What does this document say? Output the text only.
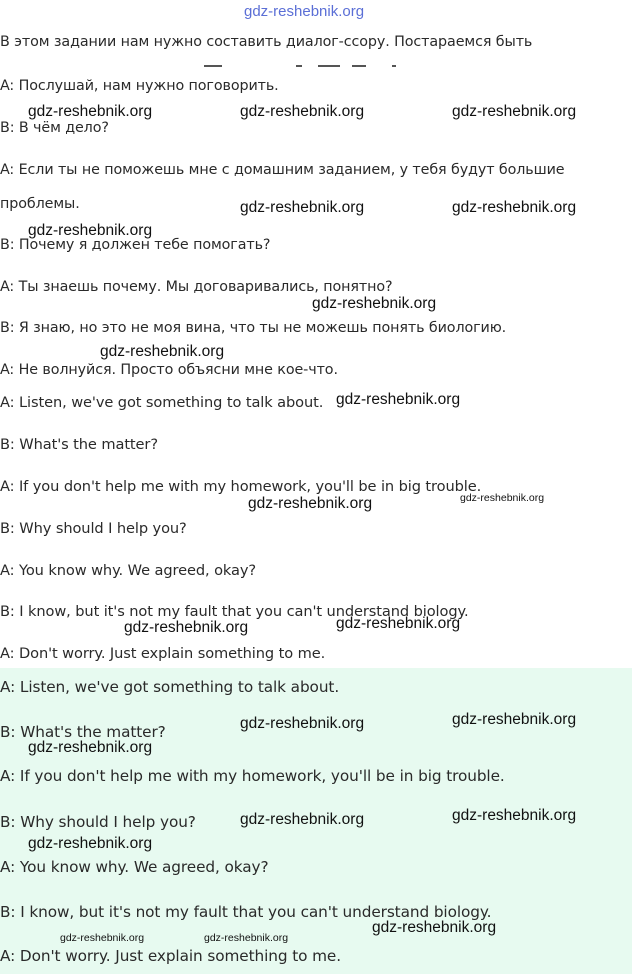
gdz-reshebnik.org
В этом задании нам нужно составить диалог-ссору. Постараемся быть
A: Послушай, нам нужно поговорить.
B: В чём дело?
A: Если ты не поможешь мне с домашним заданием, у тебя будут большие
проблемы.
B: Почему я должен тебе помогать?
A: Ты знаешь почему. Мы договаривались, понятно?
B: Я знаю, но это не моя вина, что ты не можешь понять биологию.
A: Не волнуйся. Просто объясни мне кое-что.
A: Listen, we've got something to talk about.
B: What's the matter?
A: If you don't help me with my homework, you'll be in big trouble.
B: Why should I help you?
A: You know why. We agreed, okay?
B: I know, but it's not my fault that you can't understand biology.
A: Don't worry. Just explain something to me.
A: Listen, we've got something to talk about.
B: What's the matter?
A: If you don't help me with my homework, you'll be in big trouble.
B: Why should I help you?
A: You know why. We agreed, okay?
B: I know, but it's not my fault that you can't understand biology.
A: Don't worry. Just explain something to me.
gdz-reshebnik.org	gdz-reshebnik.org	gdz-reshebnik.org
gdz-reshebnik.org	gdz-reshebnik.org
gdz-reshebnik.org
gdz-reshebnik.org
gdz-reshebnik.org
gdz-reshebnik.org
gdz-reshebnik.org
gdz-reshebnik.org
gdz-reshebnik.org
gdz-reshebnik.org
gdz-reshebnik.org
gdz-reshebnik.org
gdz-reshebnik.org
gdz-reshebnik.org
gdz-reshebnik.org
gdz-reshebnik.org
gdz-reshebnik.org
gdz-reshebnik.org	gdz-reshebnik.org
